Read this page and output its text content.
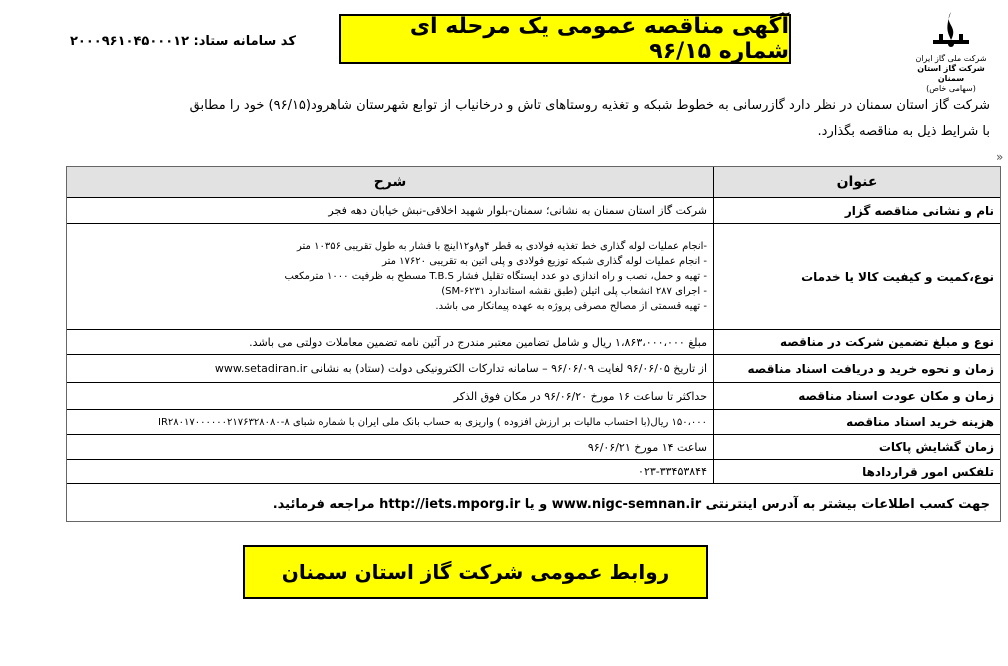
»
شرکت ملی گاز ایران
شرکت گاز استان سمنان
(سهامی خاص)
آگهی مناقصه عمومی یک مرحله ای شماره ۹۶/۱۵
کد سامانه ستاد: ۲۰۰۰۹۶۱۰۴۵۰۰۰۱۲
شرکت گاز استان سمنان در نظر دارد گازرسانی به خطوط شبکه و تغذیه روستاهای تاش و درخانیاب از توابع شهرستان شاهرود(۹۶/۱۵) خود را مطابق
با شرایط ذیل به مناقصه بگذارد.
عنوان	شرح
نام و نشانی مناقصه گزار	شرکت گاز استان سمنان به نشانی؛ سمنان-بلوار شهید اخلاقی-نبش خیابان دهه فجر
نوع،کمیت و کیفیت کالا یا خدمات	-انجام عملیات لوله گذاری خط تغذیه فولادی به قطر ۴و۸و۱۲اینچ با فشار به طول تقریبی ۱۰۳۵۶ متر
- انجام عملیات لوله گذاری شبکه توزیع فولادی و پلی اتین به تقریبی ۱۷۶۲۰ متر
- تهیه و حمل، نصب و راه اندازی دو عدد ایستگاه تقلیل فشار T.B.S مسطح به ظرفیت ۱۰۰۰ مترمکعب
- اجرای ۲۸۷ انشعاب پلی اتیلن (طبق نقشه استاندارد SM-۶۲۳۱)
- تهیه قسمتی از مصالح مصرفی پروژه به عهده پیمانکار می باشد.

نوع و مبلغ تضمین شرکت در مناقصه	مبلغ ۱،۸۶۳،۰۰۰،۰۰۰ ریال و شامل تضامین معتبر مندرج در آئین نامه تضمین معاملات دولتی می باشد.
زمان و نحوه خرید و دریافت اسناد مناقصه	از تاریخ ۹۶/۰۶/۰۵ لغایت ۹۶/۰۶/۰۹ – سامانه تدارکات الکترونیکی دولت (ستاد) به نشانی www.setadiran.ir
زمان و مکان عودت اسناد مناقصه	حداکثر تا ساعت ۱۶ مورخ ۹۶/۰۶/۲۰ در مکان فوق الذکر
هزینه خرید اسناد مناقصه	۱۵۰،۰۰۰ ریال(با احتساب مالیات بر ارزش افزوده ) واریزی به حساب بانک ملی ایران با شماره شبای IR۲۸۰۱۷۰۰۰۰۰۰۲۱۷۶۳۲۸۰۸۰-۸
زمان گشایش پاکات	ساعت ۱۴ مورخ ۹۶/۰۶/۲۱
تلفکس امور قراردادها	۰۲۳-۳۳۴۵۳۸۴۴
جهت کسب اطلاعات بیشتر به آدرس اینترنتی www.nigc-semnan.ir و یا http://iets.mporg.ir مراجعه فرمائید.
روابط عمومی شرکت گاز استان سمنان
